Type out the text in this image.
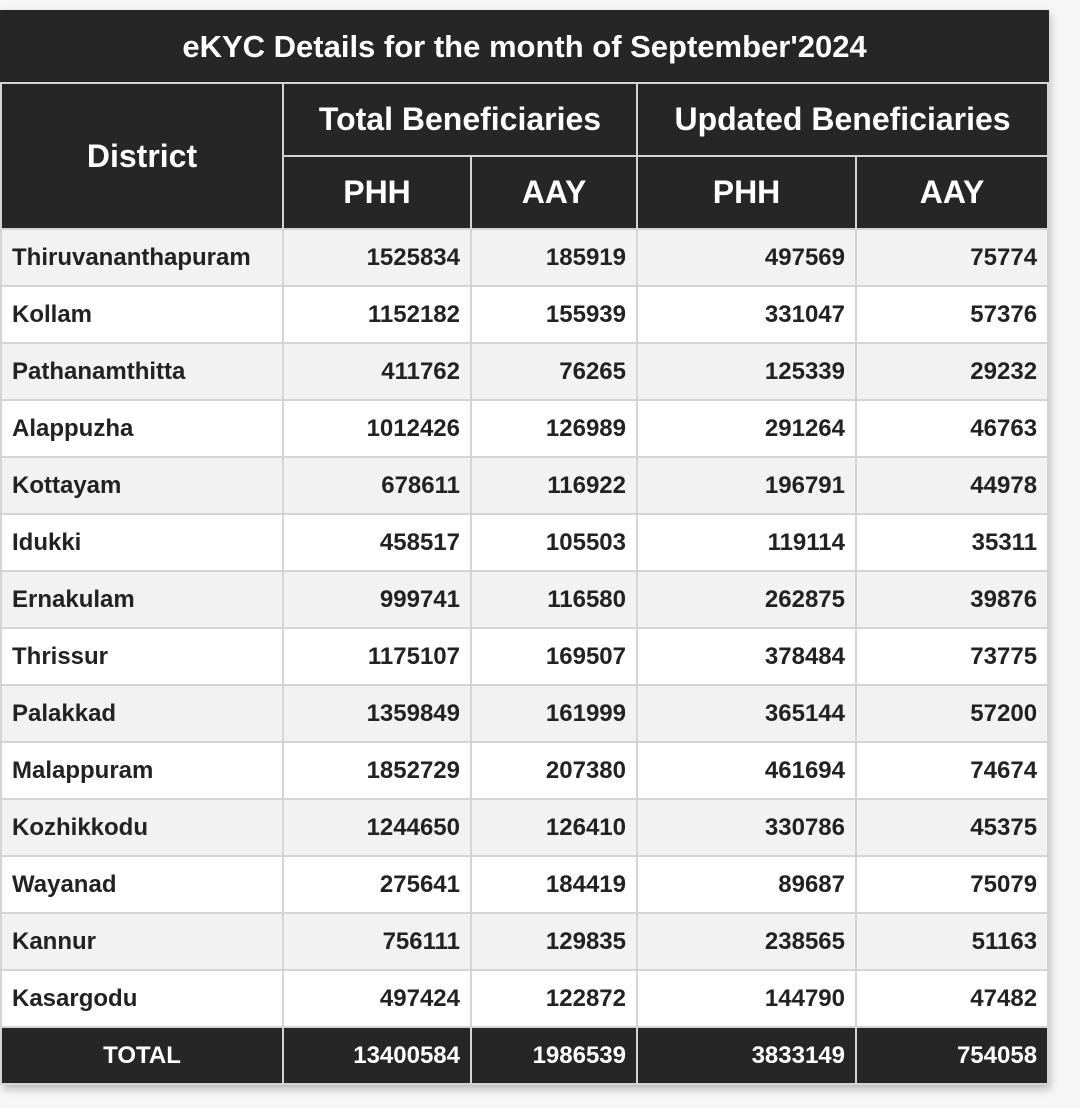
eKYC Details for the month of September'2024				
District	Total Beneficiaries		Updated Beneficiaries	
	PHH	AAY	PHH	AAY
Thiruvananthapuram	1525834	185919	497569	75774
Kollam	1152182	155939	331047	57376
Pathanamthitta	411762	76265	125339	29232
Alappuzha	1012426	126989	291264	46763
Kottayam	678611	116922	196791	44978
Idukki	458517	105503	119114	35311
Ernakulam	999741	116580	262875	39876
Thrissur	1175107	169507	378484	73775
Palakkad	1359849	161999	365144	57200
Malappuram	1852729	207380	461694	74674
Kozhikkodu	1244650	126410	330786	45375
Wayanad	275641	184419	89687	75079
Kannur	756111	129835	238565	51163
Kasargodu	497424	122872	144790	47482
TOTAL	13400584	1986539	3833149	754058
